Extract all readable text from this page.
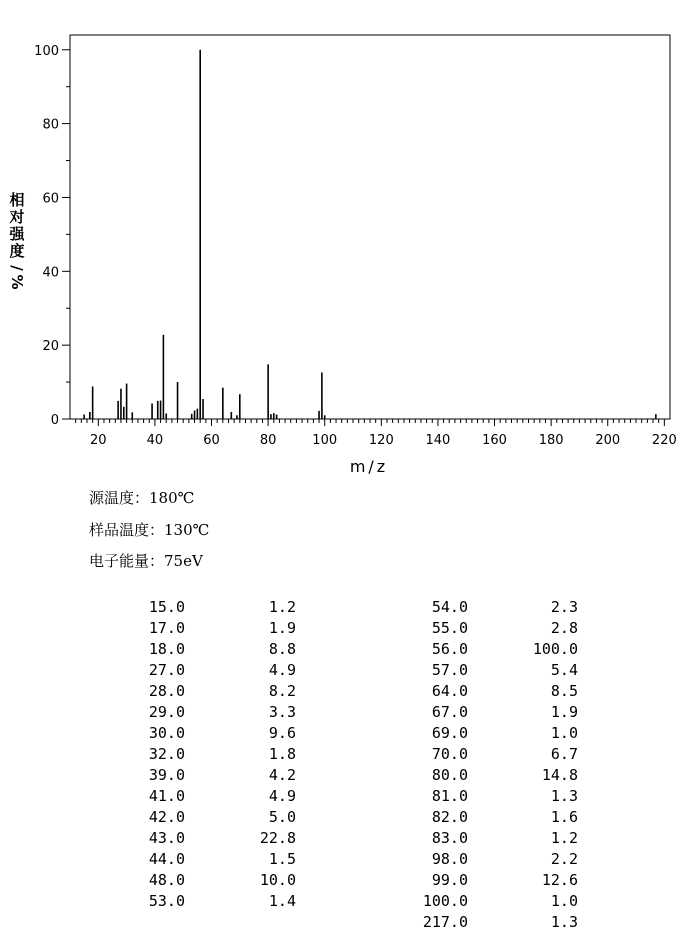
20	40	60	80	100 120 140 160 180 200 220
0
20
40
60
80
100
m/z
相
对
强
度
/
%
源温度：180℃
样品温度：130℃
电子能量：75eV
15.0	1.2
17.0	1.9
18.0	8.8
27.0	4.9
28.0	8.2
29.0	3.3
30.0	9.6
32.0	1.8
39.0	4.2
41.0	4.9
42.0	5.0
43.0	22.8
44.0	1.5
48.0	10.0
53.0	1.4
54.0	2.3
55.0	2.8
56.0	100.0
57.0	5.4
64.0	8.5
67.0	1.9
69.0	1.0
70.0	6.7
80.0	14.8
81.0	1.3
82.0	1.6
83.0	1.2
98.0	2.2
99.0	12.6
100.0	1.0
217.0	1.3
